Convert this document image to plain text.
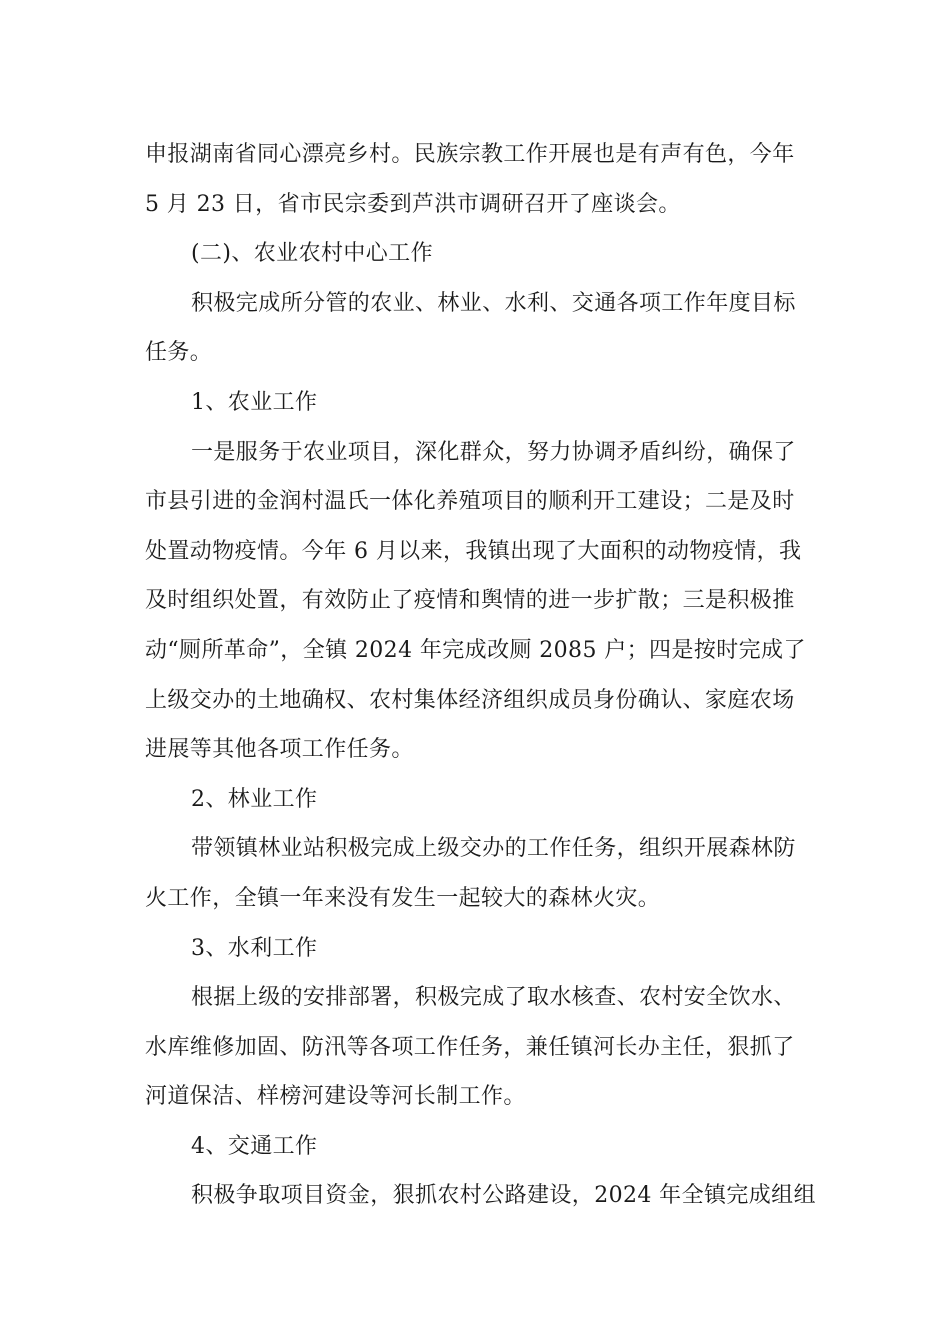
申报湖南省同心漂亮乡村。民族宗教工作开展也是有声有色，今年
5 月 23 日，省市民宗委到芦洪市调研召开了座谈会。
(二)、农业农村中心工作
积极完成所分管的农业、林业、水利、交通各项工作年度目标
任务。
1、农业工作
一是服务于农业项目，深化群众，努力协调矛盾纠纷，确保了
市县引进的金润村温氏一体化养殖项目的顺利开工建设；二是及时
处置动物疫情。今年 6 月以来，我镇出现了大面积的动物疫情，我
及时组织处置，有效防止了疫情和舆情的进一步扩散；三是积极推
动“厕所革命”，全镇 2024 年完成改厕 2085 户；四是按时完成了
上级交办的土地确权、农村集体经济组织成员身份确认、家庭农场
进展等其他各项工作任务。
2、林业工作
带领镇林业站积极完成上级交办的工作任务，组织开展森林防
火工作，全镇一年来没有发生一起较大的森林火灾。
3、水利工作
根据上级的安排部署，积极完成了取水核查、农村安全饮水、
水库维修加固、防汛等各项工作任务，兼任镇河长办主任，狠抓了
河道保洁、样榜河建设等河长制工作。
4、交通工作
积极争取项目资金，狠抓农村公路建设，2024 年全镇完成组组
